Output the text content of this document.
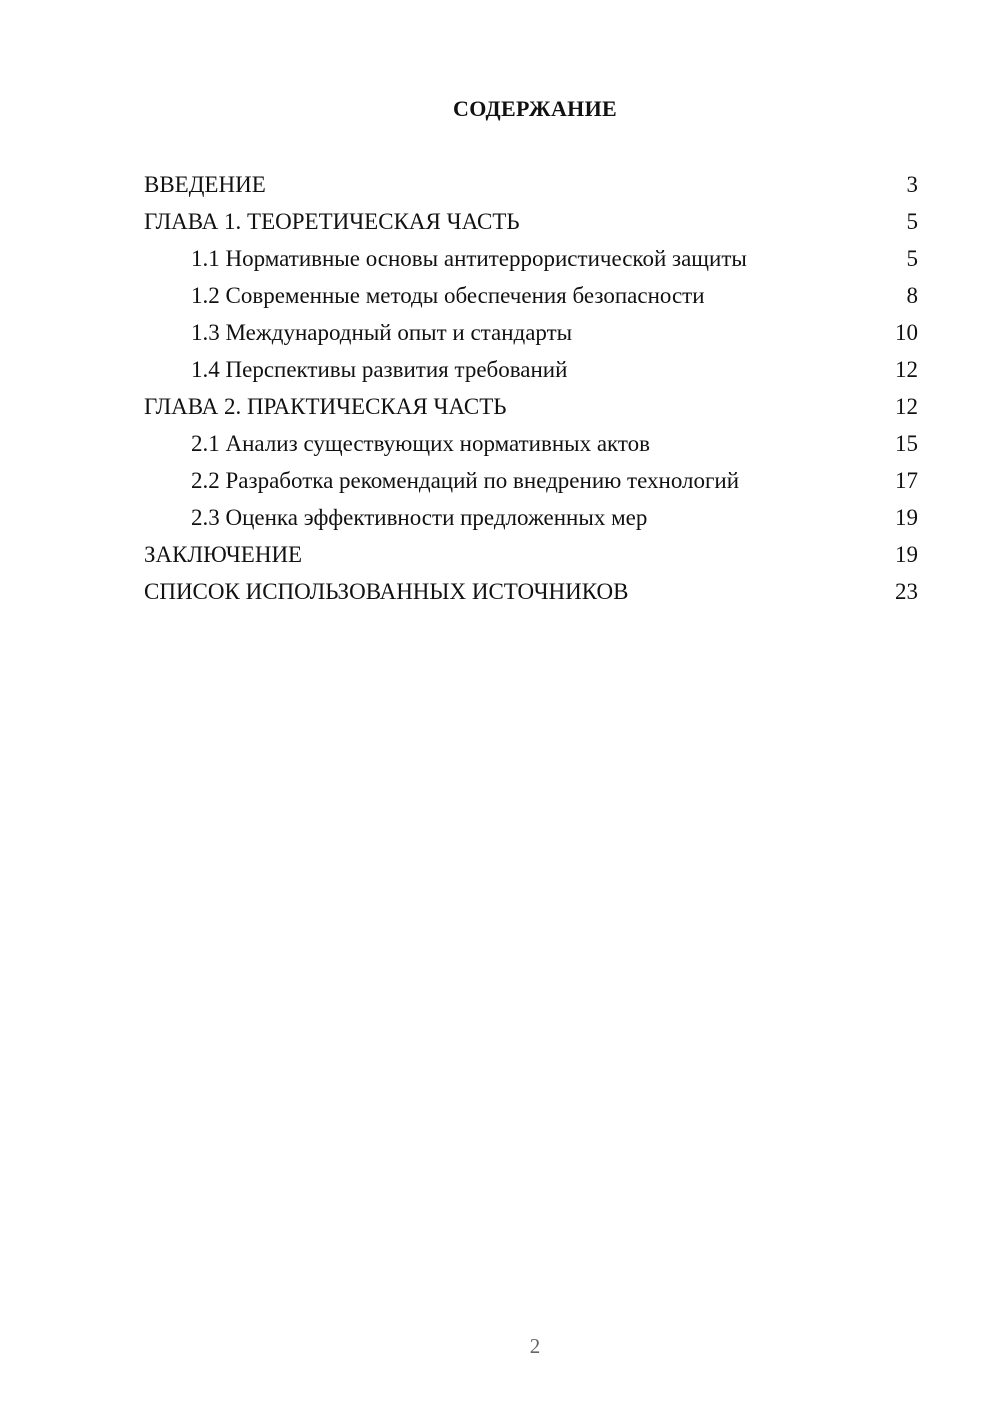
СОДЕРЖАНИЕ
ВВЕДЕНИЕ	3
ГЛАВА 1. ТЕОРЕТИЧЕСКАЯ ЧАСТЬ	5
1.1 Нормативные основы антитеррористической защиты	5
1.2 Современные методы обеспечения безопасности	8
1.3 Международный опыт и стандарты	10
1.4 Перспективы развития требований	12
ГЛАВА 2. ПРАКТИЧЕСКАЯ ЧАСТЬ	12
2.1 Анализ существующих нормативных актов	15
2.2 Разработка рекомендаций по внедрению технологий	17
2.3 Оценка эффективности предложенных мер	19
ЗАКЛЮЧЕНИЕ	19
СПИСОК ИСПОЛЬЗОВАННЫХ ИСТОЧНИКОВ	23
2
